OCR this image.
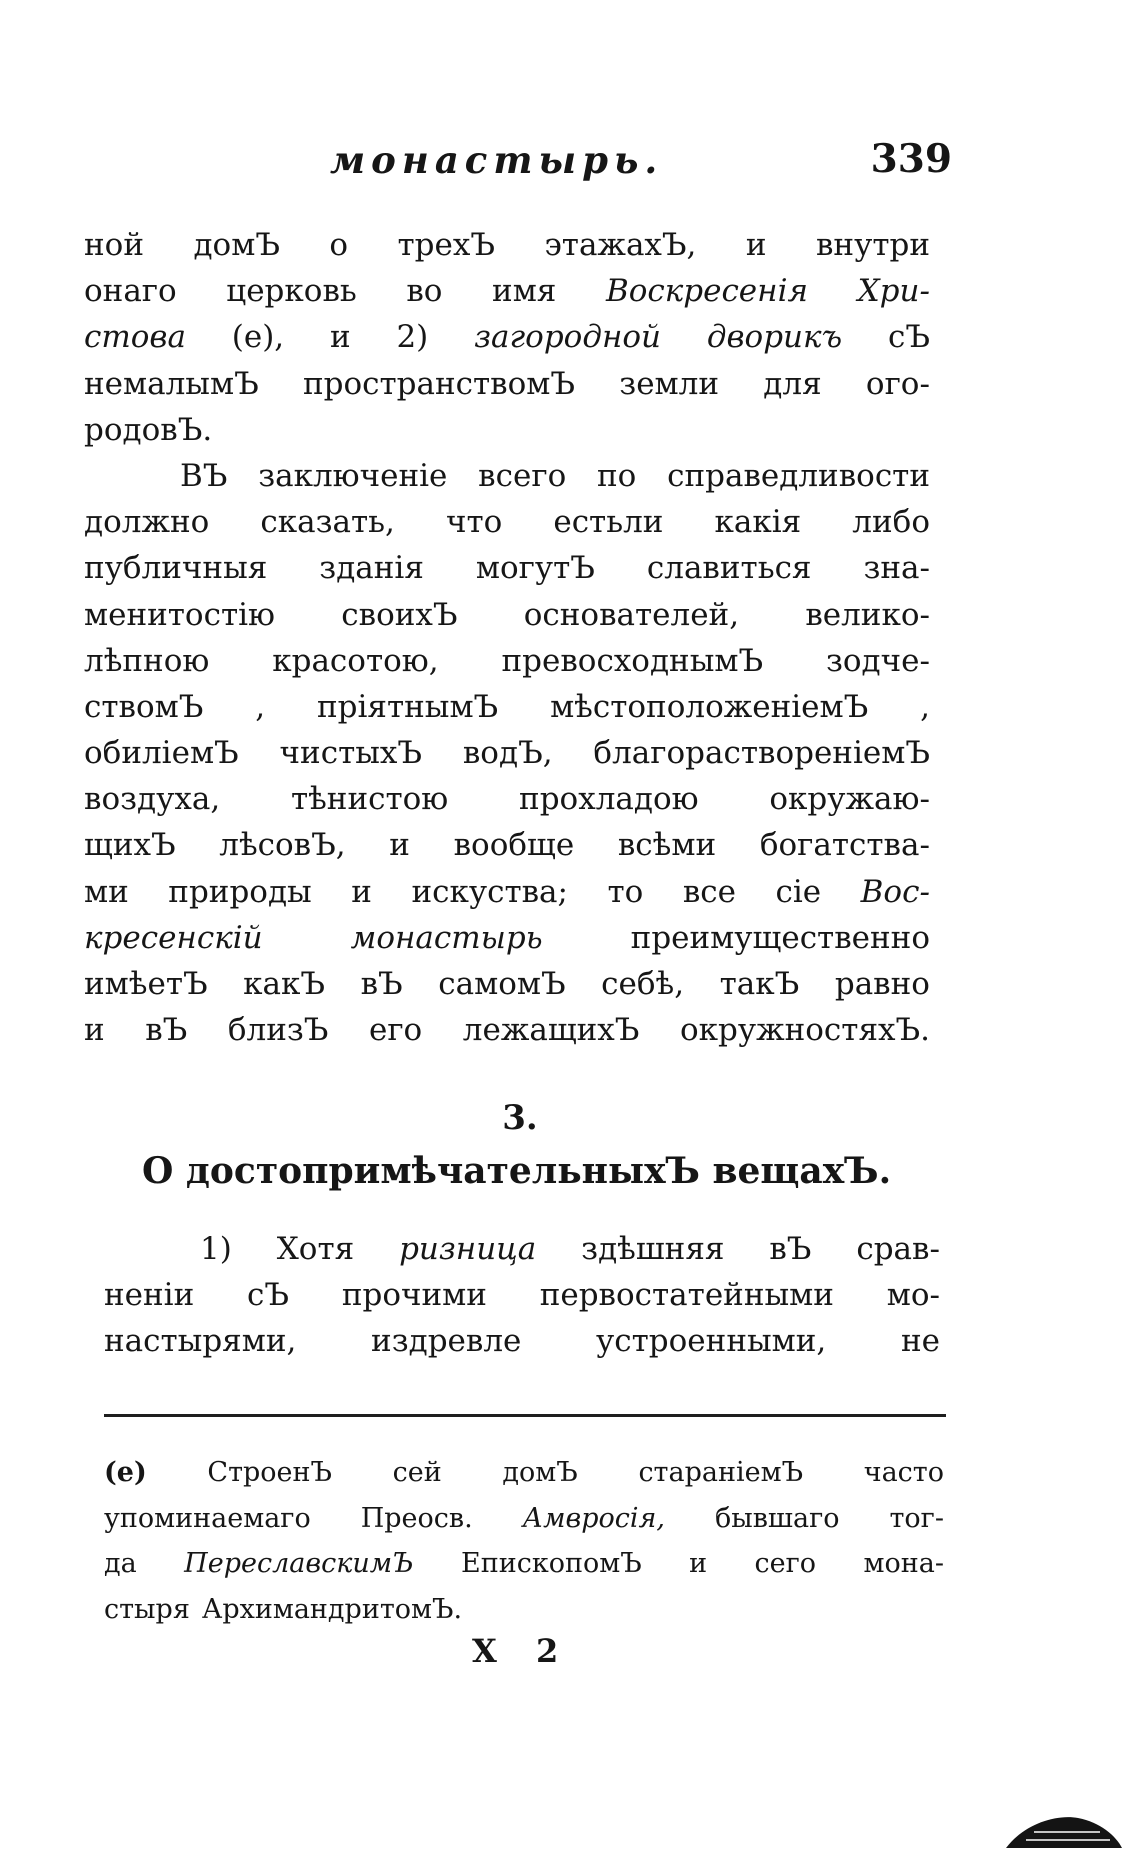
монастырь.	339
ной домЪ о трехЪ этажахЪ, и внутри
онаго церковь во имя Воскресенія Хри-
стова (е), и 2) загородной дворикъ сЪ
немалымЪ пространствомЪ земли для ого-
родовЪ.
ВЪ заключеніе всего по справедливости
должно сказать, что естьли какія либо
публичныя зданія могутЪ славиться зна-
менитостію своихЪ основателей, велико-
лѣпною красотою, превосходнымЪ зодче-
ствомЪ , пріятнымЪ мѣстоположеніемЪ ,
обиліемЪ чистыхЪ водЪ, благорастворенiемЪ
воздуха, тѣнистою прохладою окружаю-
щихЪ лѣсовЪ, и вообще всѣми богатства-
ми природы и искуства; то все сіе Вос-
кресенскій	монастырь	преимущественно
имѣетЪ какЪ вЪ самомЪ себѣ, такЪ равно
и вЪ близЪ его лежащихЪ окружностяхЪ.
3.
О достопримѣчательныхЪ вещахЪ.
1) Хотя ризница здѣшняя вЪ срав-
неніи сЪ прочими первостатейными мо-
настырями, издревле устроенными, не
(е) СтроенЪ сей домЪ стараніемЪ часто
упоминаемаго Преосв. Амвросія, бывшаго тог-
да ПереславскимЪ ЕпископомЪ и сего мона-
стыря АрхимандритомЪ.
X 2
